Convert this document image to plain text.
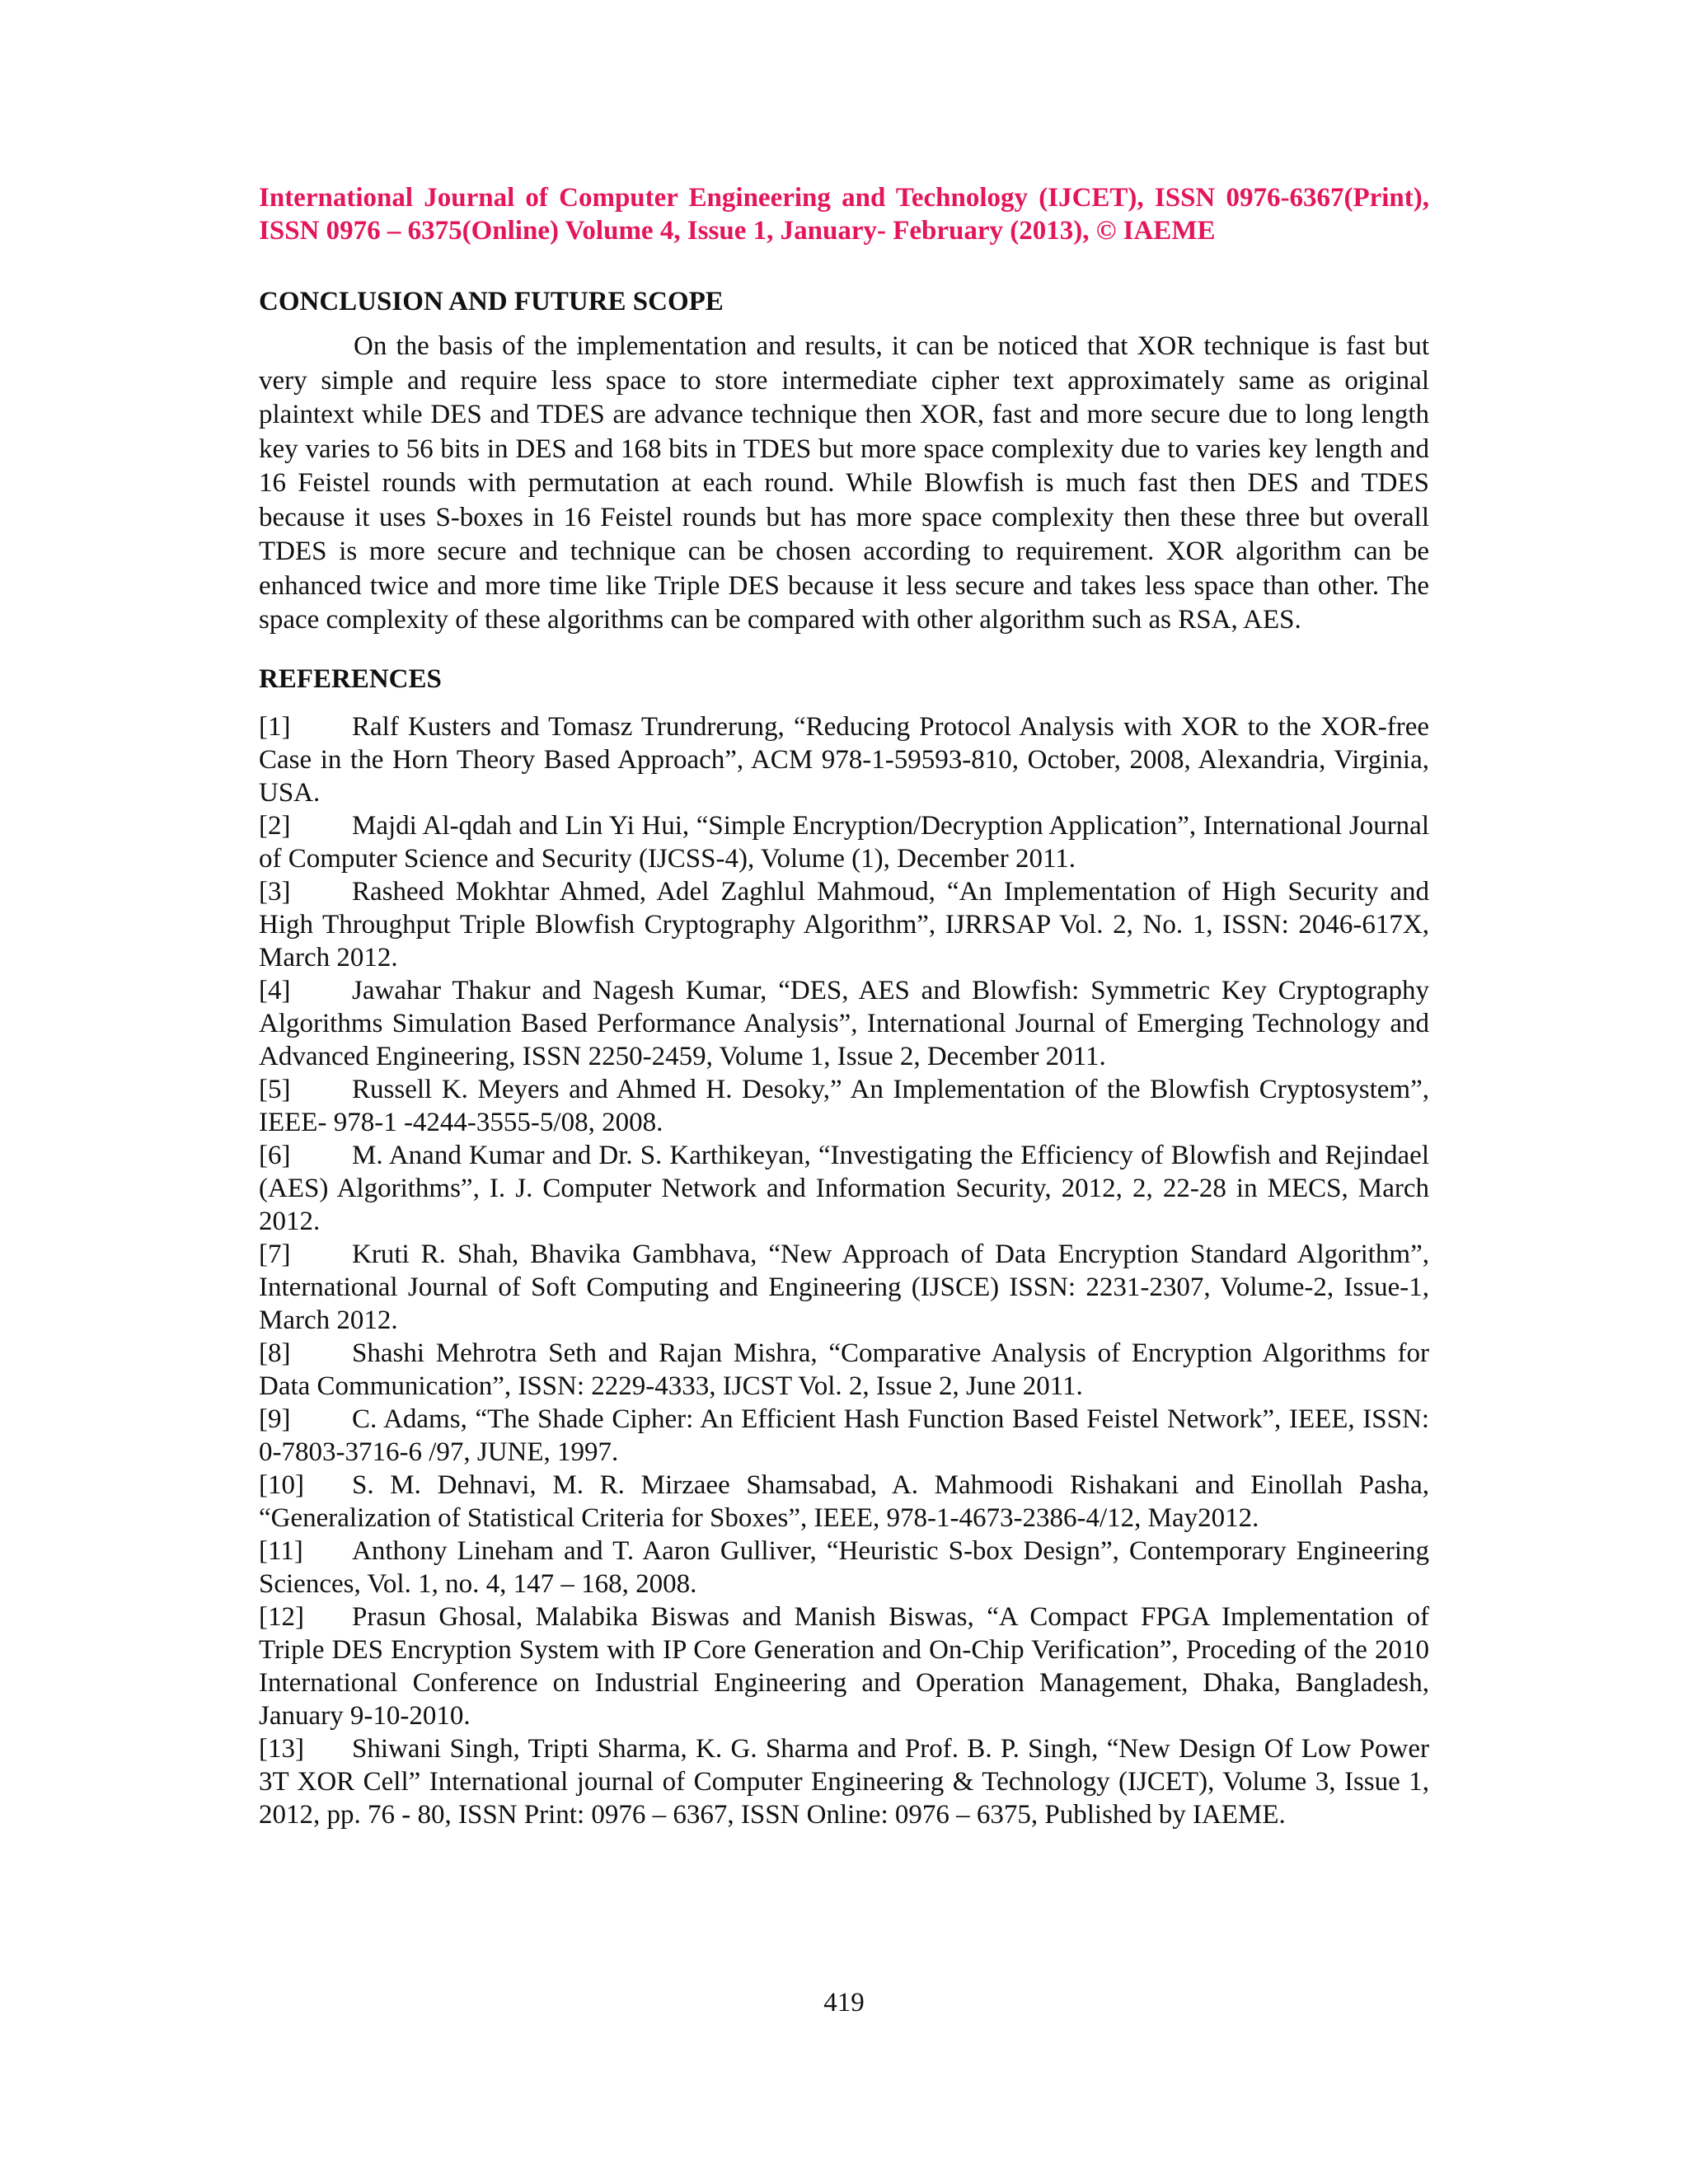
International Journal of Computer Engineering and Technology (IJCET), ISSN 0976-6367(Print), ISSN 0976 – 6375(Online) Volume 4, Issue 1, January- February (2013), © IAEME

CONCLUSION AND FUTURE SCOPE

On the basis of the implementation and results, it can be noticed that XOR technique is fast but very simple and require less space to store intermediate cipher text approximately same as original plaintext while DES and TDES are advance technique then XOR, fast and more secure due to long length key varies to 56 bits in DES and 168 bits in TDES but more space complexity due to varies key length and 16 Feistel rounds with permutation at each round. While Blowfish is much fast then DES and TDES because it uses S-boxes in 16 Feistel rounds but has more space complexity then these three but overall TDES is more secure and technique can be chosen according to requirement. XOR algorithm can be enhanced twice and more time like Triple DES because it less secure and takes less space than other. The space complexity of these algorithms can be compared with other algorithm such as RSA, AES.

REFERENCES

[1] Ralf Kusters and Tomasz Trundrerung, “Reducing Protocol Analysis with XOR to the XOR-free Case in the Horn Theory Based Approach”, ACM 978-1-59593-810, October, 2008, Alexandria, Virginia, USA.

[2] Majdi Al-qdah and Lin Yi Hui, “Simple Encryption/Decryption Application”, International Journal of Computer Science and Security (IJCSS-4), Volume (1), December 2011.

[3] Rasheed Mokhtar Ahmed, Adel Zaghlul Mahmoud, “An Implementation of High Security and High Throughput Triple Blowfish Cryptography Algorithm”, IJRRSAP Vol. 2, No. 1, ISSN: 2046-617X, March 2012.

[4] Jawahar Thakur and Nagesh Kumar, “DES, AES and Blowfish: Symmetric Key Cryptography Algorithms Simulation Based Performance Analysis”, International Journal of Emerging Technology and Advanced Engineering, ISSN 2250-2459, Volume 1, Issue 2, December 2011.

[5] Russell K. Meyers and Ahmed H. Desoky,” An Implementation of the Blowfish Cryptosystem”, IEEE- 978-1 -4244-3555-5/08, 2008.

[6] M. Anand Kumar and Dr. S. Karthikeyan, “Investigating the Efficiency of Blowfish and Rejindael (AES) Algorithms”, I. J. Computer Network and Information Security, 2012, 2, 22-28 in MECS, March 2012.

[7] Kruti R. Shah, Bhavika Gambhava, “New Approach of Data Encryption Standard Algorithm”, International Journal of Soft Computing and Engineering (IJSCE) ISSN: 2231-2307, Volume-2, Issue-1, March 2012.

[8] Shashi Mehrotra Seth and Rajan Mishra, “Comparative Analysis of Encryption Algorithms for Data Communication”, ISSN: 2229-4333, IJCST Vol. 2, Issue 2, June 2011.

[9] C. Adams, “The Shade Cipher: An Efficient Hash Function Based Feistel Network”, IEEE, ISSN: 0-7803-3716-6 /97, JUNE, 1997.

[10] S. M. Dehnavi, M. R. Mirzaee Shamsabad, A. Mahmoodi Rishakani and Einollah Pasha, “Generalization of Statistical Criteria for Sboxes”, IEEE, 978-1-4673-2386-4/12, May2012.

[11] Anthony Lineham and T. Aaron Gulliver, “Heuristic S-box Design”, Contemporary Engineering Sciences, Vol. 1, no. 4, 147 – 168, 2008.

[12] Prasun Ghosal, Malabika Biswas and Manish Biswas, “A Compact FPGA Implementation of Triple DES Encryption System with IP Core Generation and On-Chip Verification”, Proceding of the 2010 International Conference on Industrial Engineering and Operation Management, Dhaka, Bangladesh, January 9-10-2010.

[13] Shiwani Singh, Tripti Sharma, K. G. Sharma and Prof. B. P. Singh, “New Design Of Low Power 3T XOR Cell” International journal of Computer Engineering & Technology (IJCET), Volume 3, Issue 1, 2012, pp. 76 - 80, ISSN Print: 0976 – 6367, ISSN Online: 0976 – 6375, Published by IAEME.

419
